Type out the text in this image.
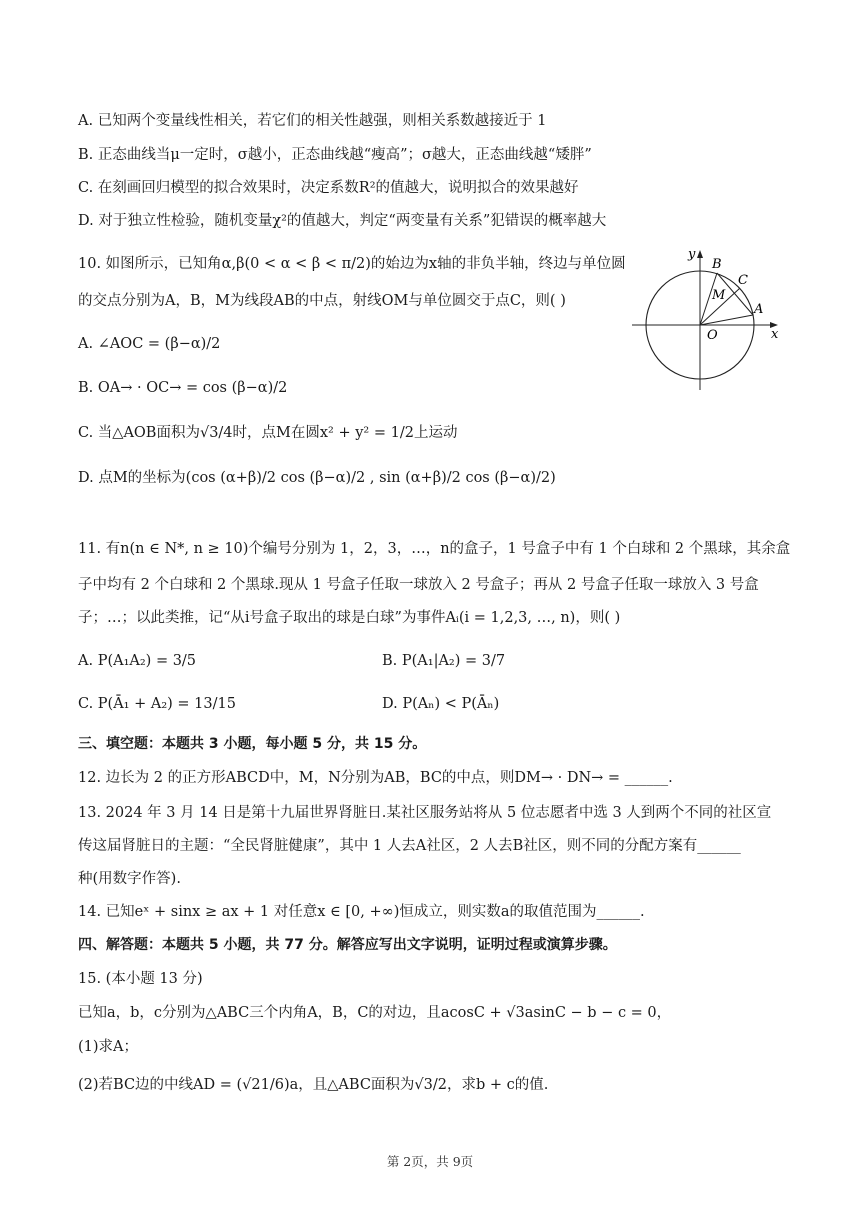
A. 已知两个变量线性相关，若它们的相关性越强，则相关系数越接近于 1
B. 正态曲线当μ一定时，σ越小，正态曲线越“瘦高”；σ越大，正态曲线越“矮胖”
C. 在刻画回归模型的拟合效果时，决定系数R²的值越大，说明拟合的效果越好
D. 对于独立性检验，随机变量χ²的值越大，判定“两变量有关系”犯错误的概率越大
10. 如图所示，已知角α,β(0 < α < β < π/2)的始边为x轴的非负半轴，终边与单位圆
的交点分别为A，B，M为线段AB的中点，射线OM与单位圆交于点C，则( )
A. ∠AOC = (β−α)/2
B. OA→ · OC→ = cos (β−α)/2
C. 当△AOB面积为√3/4时，点M在圆x² + y² = 1/2上运动
D. 点M的坐标为(cos (α+β)/2 cos (β−α)/2 , sin (α+β)/2 cos (β−α)/2)
O	x
y
B
C
M
A
11. 有n(n ∈ N*, n ≥ 10)个编号分别为 1，2，3，…，n的盒子，1 号盒子中有 1 个白球和 2 个黑球，其余盒
子中均有 2 个白球和 2 个黑球.现从 1 号盒子任取一球放入 2 号盒子；再从 2 号盒子任取一球放入 3 号盒
子；…；以此类推，记“从i号盒子取出的球是白球”为事件Aᵢ(i = 1,2,3, …, n)，则( )
A. P(A₁A₂) = 3/5	B. P(A₁|A₂) = 3/7
C. P(Ā₁ + A₂) = 13/15	D. P(Aₙ) < P(Āₙ)
三、填空题：本题共 3 小题，每小题 5 分，共 15 分。
12. 边长为 2 的正方形ABCD中，M，N分别为AB，BC的中点，则DM→ · DN→ = ______.
13. 2024 年 3 月 14 日是第十九届世界肾脏日.某社区服务站将从 5 位志愿者中选 3 人到两个不同的社区宣
传这届肾脏日的主题：“全民肾脏健康”，其中 1 人去A社区，2 人去B社区，则不同的分配方案有______
种(用数字作答).
14. 已知eˣ + sinx ≥ ax + 1 对任意x ∈ [0, +∞)恒成立，则实数a的取值范围为______.
四、解答题：本题共 5 小题，共 77 分。解答应写出文字说明，证明过程或演算步骤。
15. (本小题 13 分)
已知a，b，c分别为△ABC三个内角A，B，C的对边，且acosC + √3asinC − b − c = 0，
(1)求A；
(2)若BC边的中线AD = (√21/6)a，且△ABC面积为√3/2，求b + c的值.
第 2页，共 9页
